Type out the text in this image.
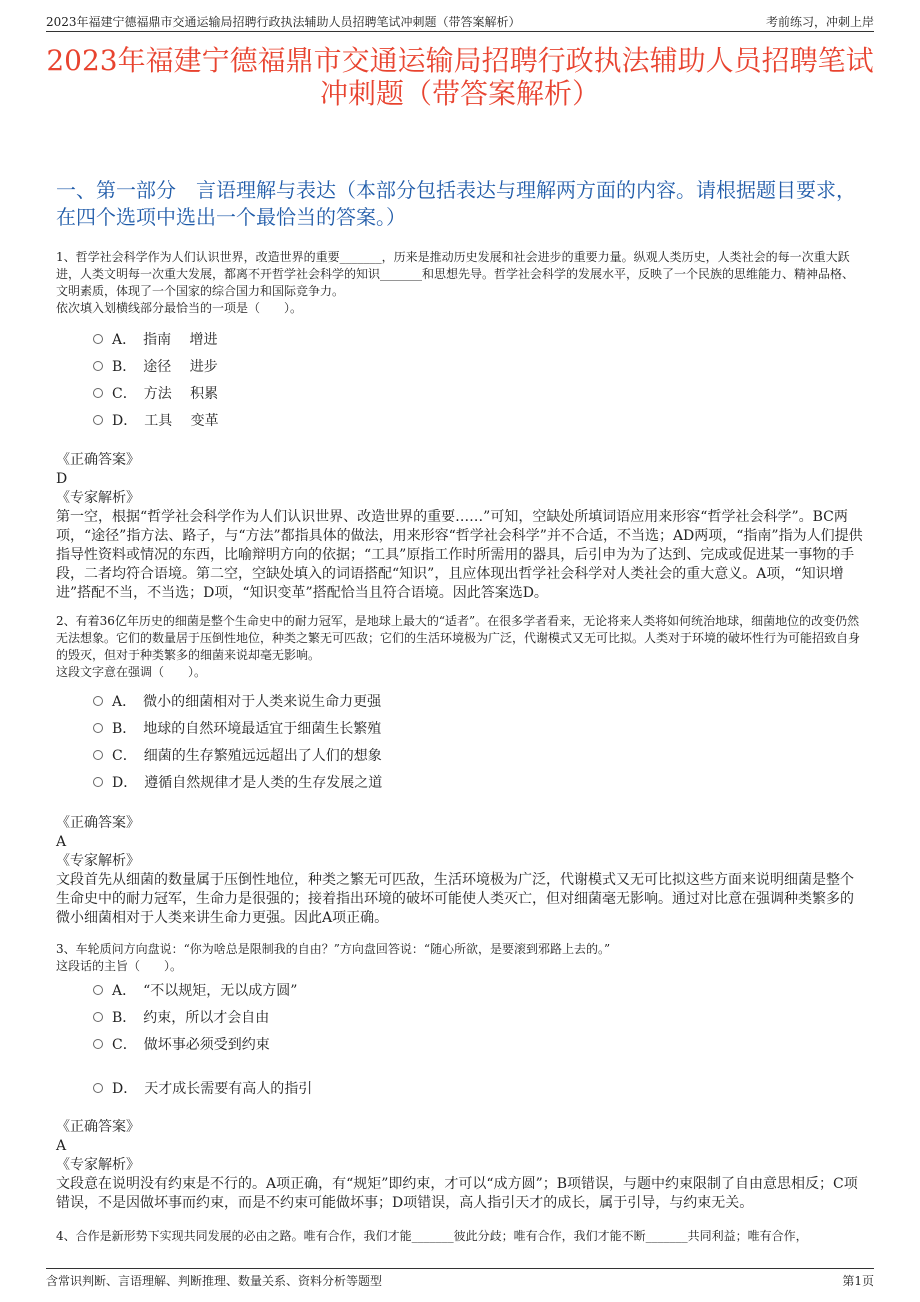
2023年福建宁德福鼎市交通运输局招聘行政执法辅助人员招聘笔试冲刺题（带答案解析）	考前练习，冲刺上岸
2023年福建宁德福鼎市交通运输局招聘行政执法辅助人员招聘笔试冲刺题（带答案解析）
一、第一部分　言语理解与表达（本部分包括表达与理解两方面的内容。请根据题目要求，在四个选项中选出一个最恰当的答案。）
1、哲学社会科学作为人们认识世界，改造世界的重要_______，历来是推动历史发展和社会进步的重要力量。纵观人类历史，人类社会的每一次重大跃进，人类文明每一次重大发展，都离不开哲学社会科学的知识_______和思想先导。哲学社会科学的发展水平，反映了一个民族的思维能力、精神品格、文明素质，体现了一个国家的综合国力和国际竞争力。
依次填入划横线部分最恰当的一项是（　　）。
A．　指南　 增进
B．　途径　 进步
C．　方法　 积累
D．　工具　 变革
《正确答案》
D
《专家解析》
第一空，根据“哲学社会科学作为人们认识世界、改造世界的重要……”可知，空缺处所填词语应用来形容“哲学社会科学”。BC两项，“途径”指方法、路子，与“方法”都指具体的做法，用来形容“哲学社会科学”并不合适，不当选；AD两项，“指南”指为人们提供指导性资料或情况的东西，比喻辩明方向的依据；“工具”原指工作时所需用的器具，后引申为为了达到、完成或促进某一事物的手段，二者均符合语境。第二空，空缺处填入的词语搭配“知识”，且应体现出哲学社会科学对人类社会的重大意义。A项，“知识增进”搭配不当，不当选；D项，“知识变革”搭配恰当且符合语境。因此答案选D。
2、有着36亿年历史的细菌是整个生命史中的耐力冠军，是地球上最大的“适者”。在很多学者看来，无论将来人类将如何统治地球，细菌地位的改变仍然无法想象。它们的数量居于压倒性地位，种类之繁无可匹敌；它们的生活环境极为广泛，代谢模式又无可比拟。人类对于环境的破坏性行为可能招致自身的毁灭，但对于种类繁多的细菌来说却毫无影响。
这段文字意在强调（　　）。
A．　微小的细菌相对于人类来说生命力更强
B．　地球的自然环境最适宜于细菌生长繁殖
C．　细菌的生存繁殖远远超出了人们的想象
D．　遵循自然规律才是人类的生存发展之道
《正确答案》
A
《专家解析》
文段首先从细菌的数量属于压倒性地位，种类之繁无可匹敌，生活环境极为广泛，代谢模式又无可比拟这些方面来说明细菌是整个生命史中的耐力冠军，生命力是很强的；接着指出环境的破坏可能使人类灭亡，但对细菌毫无影响。通过对比意在强调种类繁多的微小细菌相对于人类来讲生命力更强。因此A项正确。
3、车轮质问方向盘说：“你为啥总是限制我的自由？”方向盘回答说：“随心所欲，是要滚到邪路上去的。”
这段话的主旨（　　）。
A．　“不以规矩，无以成方圆”
B．　约束，所以才会自由
C．　做坏事必须受到约束
D．　天才成长需要有高人的指引
《正确答案》
A
《专家解析》
文段意在说明没有约束是不行的。A项正确，有“规矩”即约束，才可以“成方圆”；B项错误，与题中约束限制了自由意思相反；C项错误，不是因做坏事而约束，而是不约束可能做坏事；D项错误，高人指引天才的成长，属于引导，与约束无关。
4、合作是新形势下实现共同发展的必由之路。唯有合作，我们才能_______彼此分歧；唯有合作，我们才能不断_______共同利益；唯有合作，
含常识判断、言语理解、判断推理、数量关系、资料分析等题型	第1页
